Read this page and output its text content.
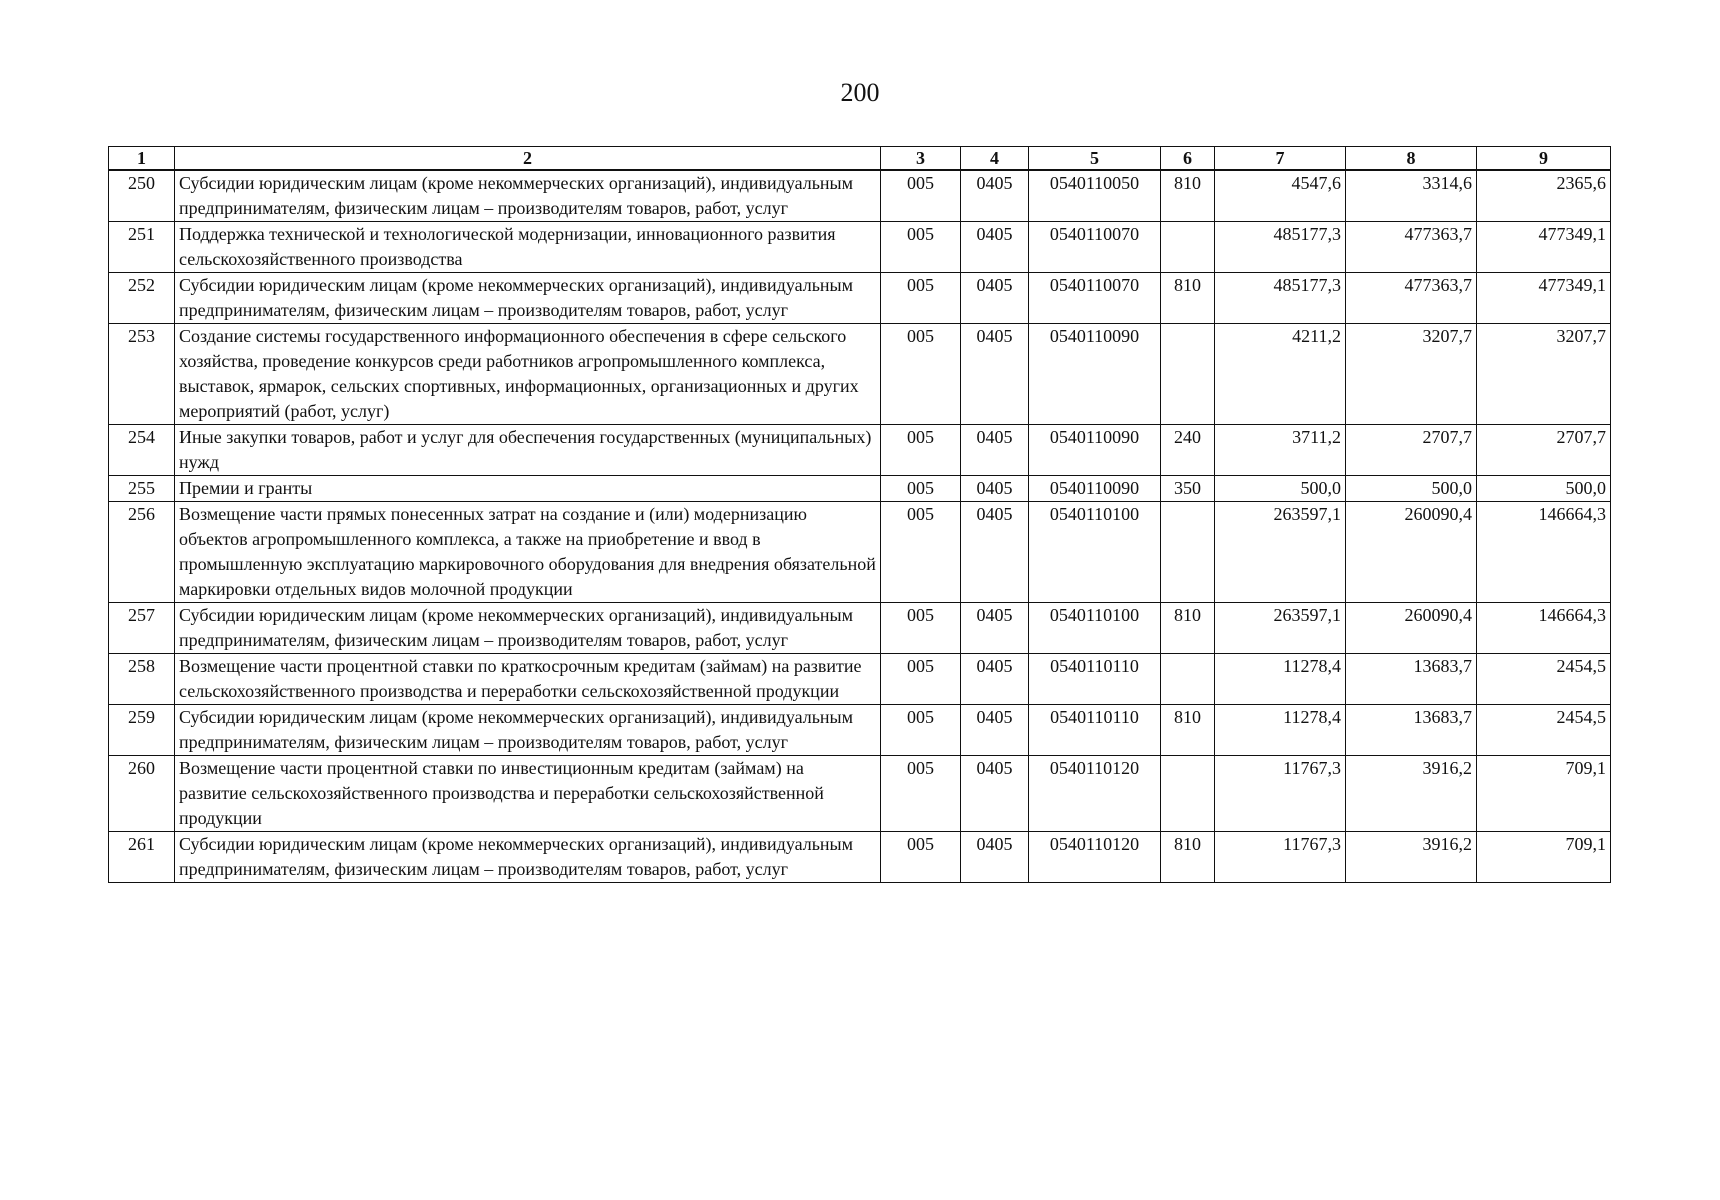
200
1	2	3	4	5	6	7	8	9
250	Субсидии юридическим лицам (кроме некоммерческих организаций), индивидуальным предпринимателям, физическим лицам – производителям товаров, работ, услуг	005	0405	0540110050	810	4547,6	3314,6	2365,6
251	Поддержка технической и технологической модернизации, инновационного развития сельскохозяйственного производства	005	0405	0540110070		485177,3	477363,7	477349,1
252	Субсидии юридическим лицам (кроме некоммерческих организаций), индивидуальным предпринимателям, физическим лицам – производителям товаров, работ, услуг	005	0405	0540110070	810	485177,3	477363,7	477349,1
253	Создание системы государственного информационного обеспечения в сфере сельского хозяйства, проведение конкурсов среди работников агропромышленного комплекса, выставок, ярмарок, сельских спортивных, информационных, организационных и других мероприятий (работ, услуг)	005	0405	0540110090		4211,2	3207,7	3207,7
254	Иные закупки товаров, работ и услуг для обеспечения государственных (муниципальных) нужд	005	0405	0540110090	240	3711,2	2707,7	2707,7
255	Премии и гранты	005	0405	0540110090	350	500,0	500,0	500,0
256	Возмещение части прямых понесенных затрат на создание и (или) модернизацию объектов агропромышленного комплекса, а также на приобретение и ввод в промышленную эксплуатацию маркировочного оборудования для внедрения обязательной маркировки отдельных видов молочной продукции	005	0405	0540110100		263597,1	260090,4	146664,3
257	Субсидии юридическим лицам (кроме некоммерческих организаций), индивидуальным предпринимателям, физическим лицам – производителям товаров, работ, услуг	005	0405	0540110100	810	263597,1	260090,4	146664,3
258	Возмещение части процентной ставки по краткосрочным кредитам (займам) на развитие сельскохозяйственного производства и переработки сельскохозяйственной продукции	005	0405	0540110110		11278,4	13683,7	2454,5
259	Субсидии юридическим лицам (кроме некоммерческих организаций), индивидуальным предпринимателям, физическим лицам – производителям товаров, работ, услуг	005	0405	0540110110	810	11278,4	13683,7	2454,5
260	Возмещение части процентной ставки по инвестиционным кредитам (займам) на развитие сельскохозяйственного производства и переработки сельскохозяйственной продукции	005	0405	0540110120		11767,3	3916,2	709,1
261	Субсидии юридическим лицам (кроме некоммерческих организаций), индивидуальным предпринимателям, физическим лицам – производителям товаров, работ, услуг	005	0405	0540110120	810	11767,3	3916,2	709,1
